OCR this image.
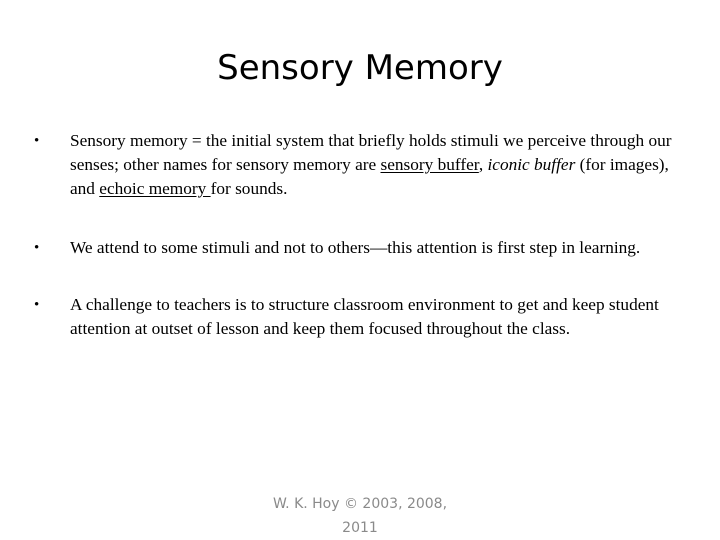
Sensory Memory
• Sensory memory = the initial system that briefly holds stimuli we perceive through our senses; other names for sensory memory are sensory buffer, iconic buffer (for images), and echoic memory for sounds.
• We attend to some stimuli and not to others—this attention is first step in learning.
• A challenge to teachers is to structure classroom environment to get and keep student attention at outset of lesson and keep them focused throughout the class.
W. K. Hoy © 2003, 2008,
2011
